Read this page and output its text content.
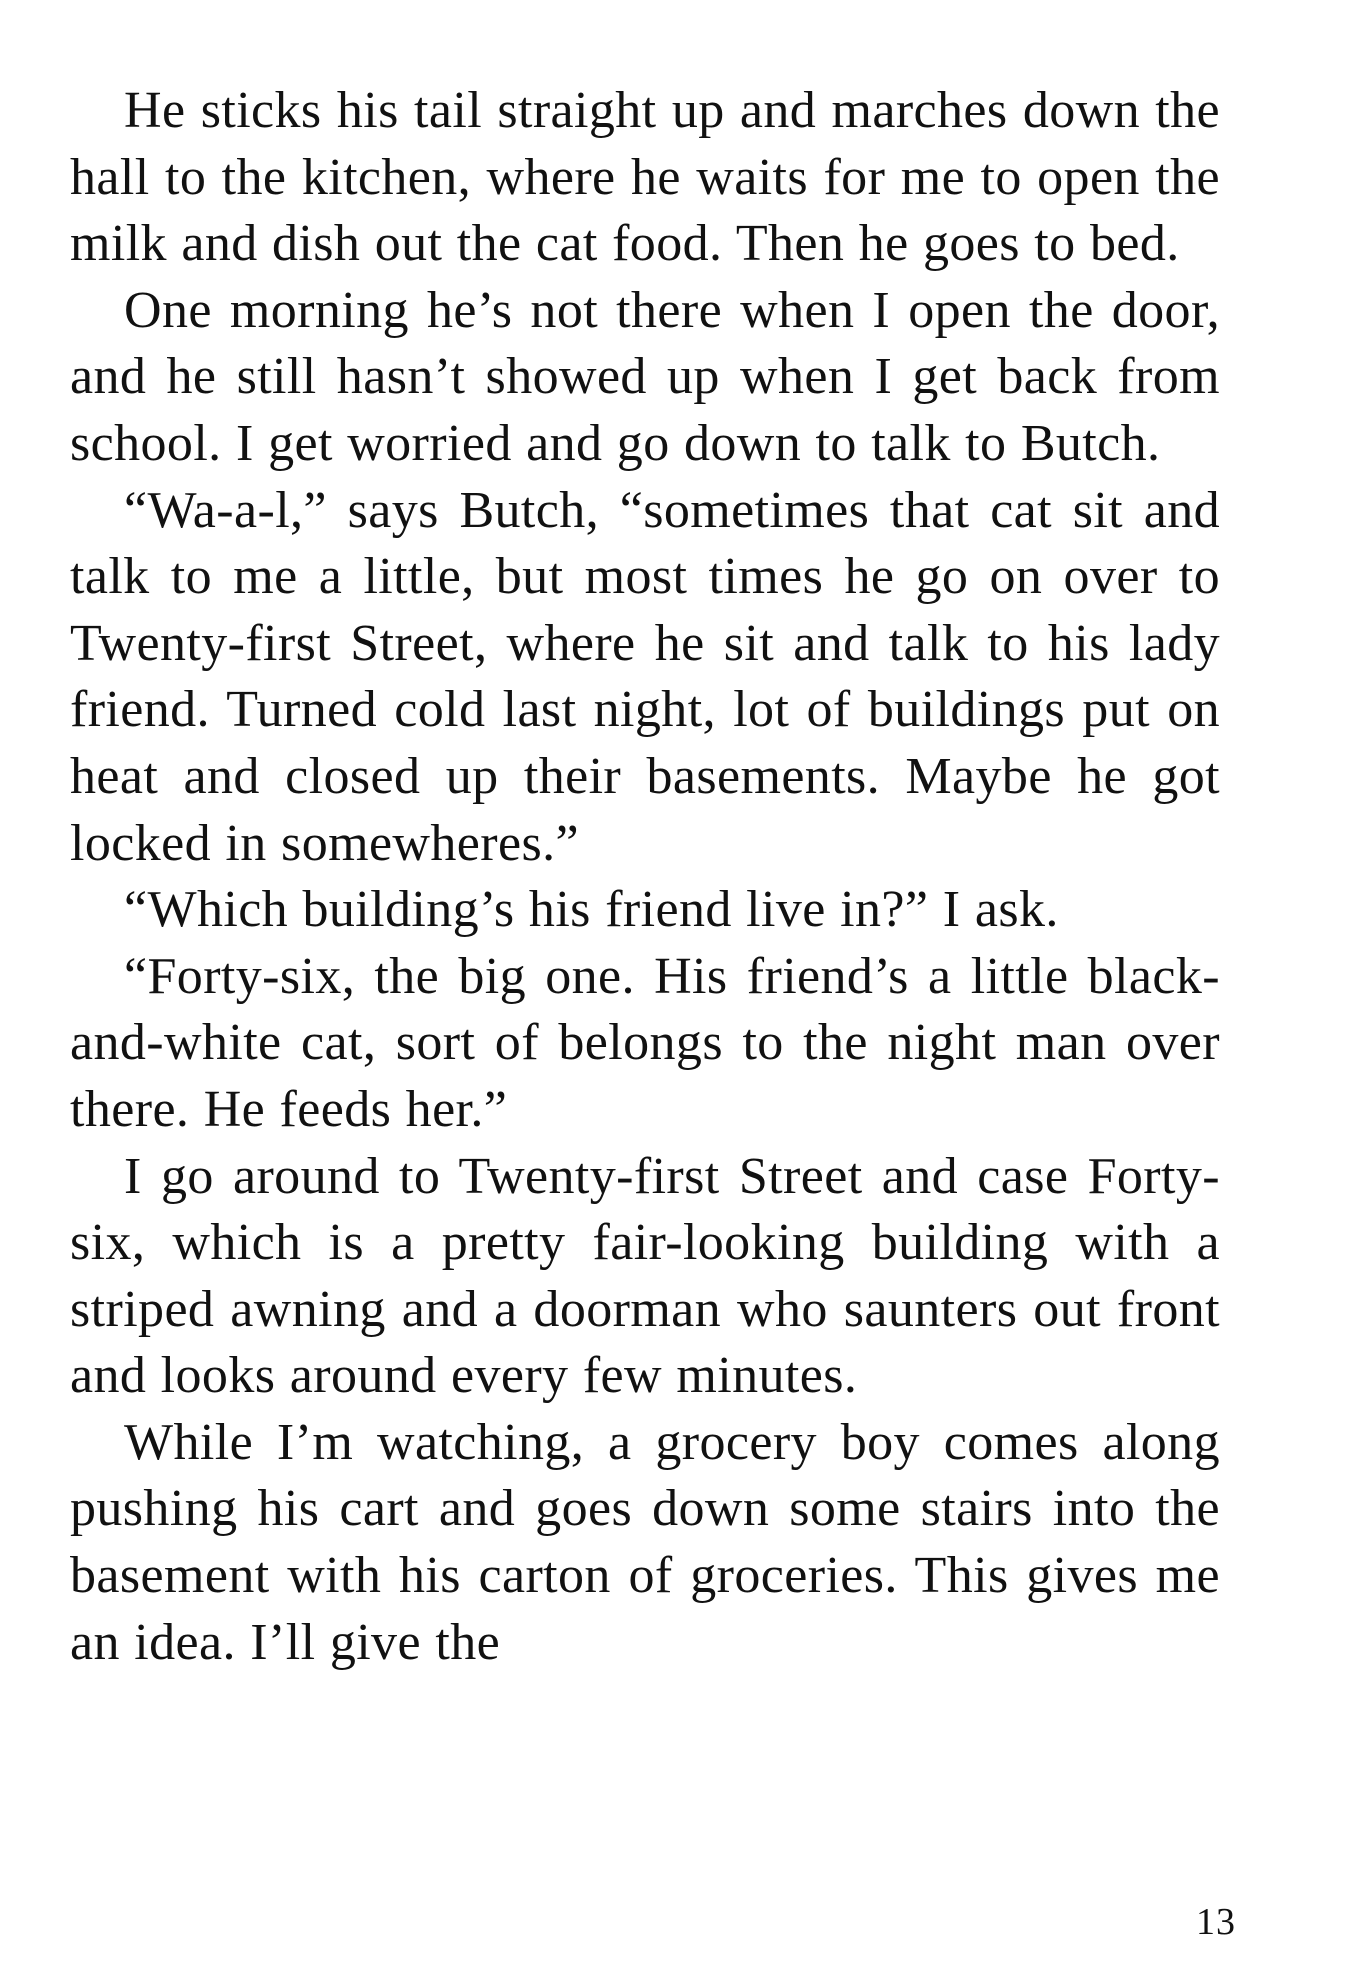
He sticks his tail straight up and marches down the hall to the kitchen, where he waits for me to open the milk and dish out the cat food. Then he goes to bed.

One morning he’s not there when I open the door, and he still hasn’t showed up when I get back from school. I get worried and go down to talk to Butch.

“Wa-a-l,” says Butch, “sometimes that cat sit and talk to me a little, but most times he go on over to Twenty-first Street, where he sit and talk to his lady friend. Turned cold last night, lot of buildings put on heat and closed up their basements. Maybe he got locked in somewheres.”

“Which building’s his friend live in?” I ask.

“Forty-six, the big one. His friend’s a little black-and-white cat, sort of belongs to the night man over there. He feeds her.”

I go around to Twenty-first Street and case Forty-six, which is a pretty fair-looking building with a striped awning and a doorman who saunters out front and looks around every few minutes.

While I’m watching, a grocery boy comes along pushing his cart and goes down some stairs into the basement with his carton of groceries. This gives me an idea. I’ll give the

13
